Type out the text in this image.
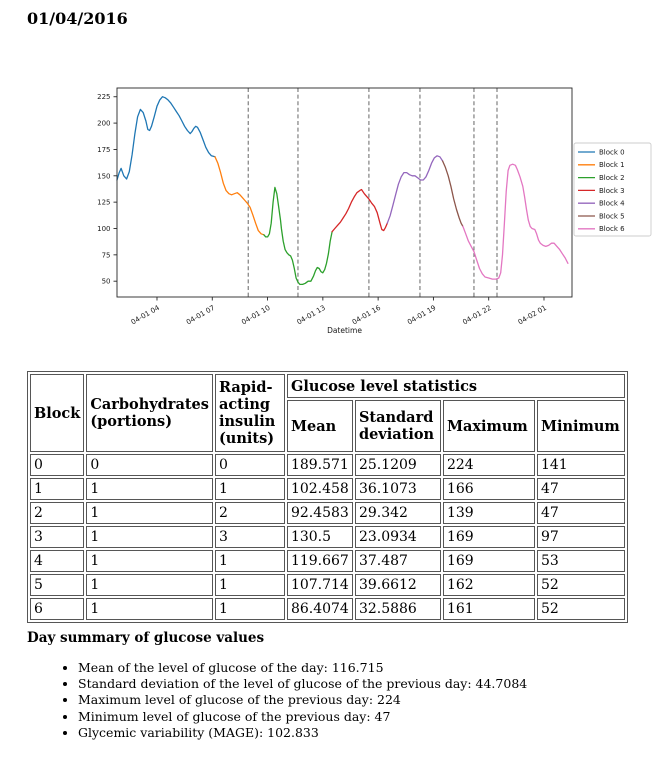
01/04/2016
50
75
100
125
150
175
200
225
04-01 04	04-01 07	04-01 10	04-01 13	04-01 16	04-01 19	04-01 22	04-02 01
Datetime
Block 0
Block 1
Block 2
Block 3
Block 4
Block 5
Block 6
Block	Carbohydrates (portions)	Rapid-acting insulin (units)	Glucose level statistics			
			Mean	Standard deviation	Maximum	Minimum
0	0	0	189.571	25.1209	224	141
1	1	1	102.458	36.1073	166	47
2	1	2	92.4583	29.342	139	47
3	1	3	130.5	23.0934	169	97
4	1	1	119.667	37.487	169	53
5	1	1	107.714	39.6612	162	52
6	1	1	86.4074	32.5886	161	52
Day summary of glucose values
• Mean of the level of glucose of the day: 116.715
• Standard deviation of the level of glucose of the previous day: 44.7084
• Maximum level of glucose of the previous day: 224
• Minimum level of glucose of the previous day: 47
• Glycemic variability (MAGE): 102.833
